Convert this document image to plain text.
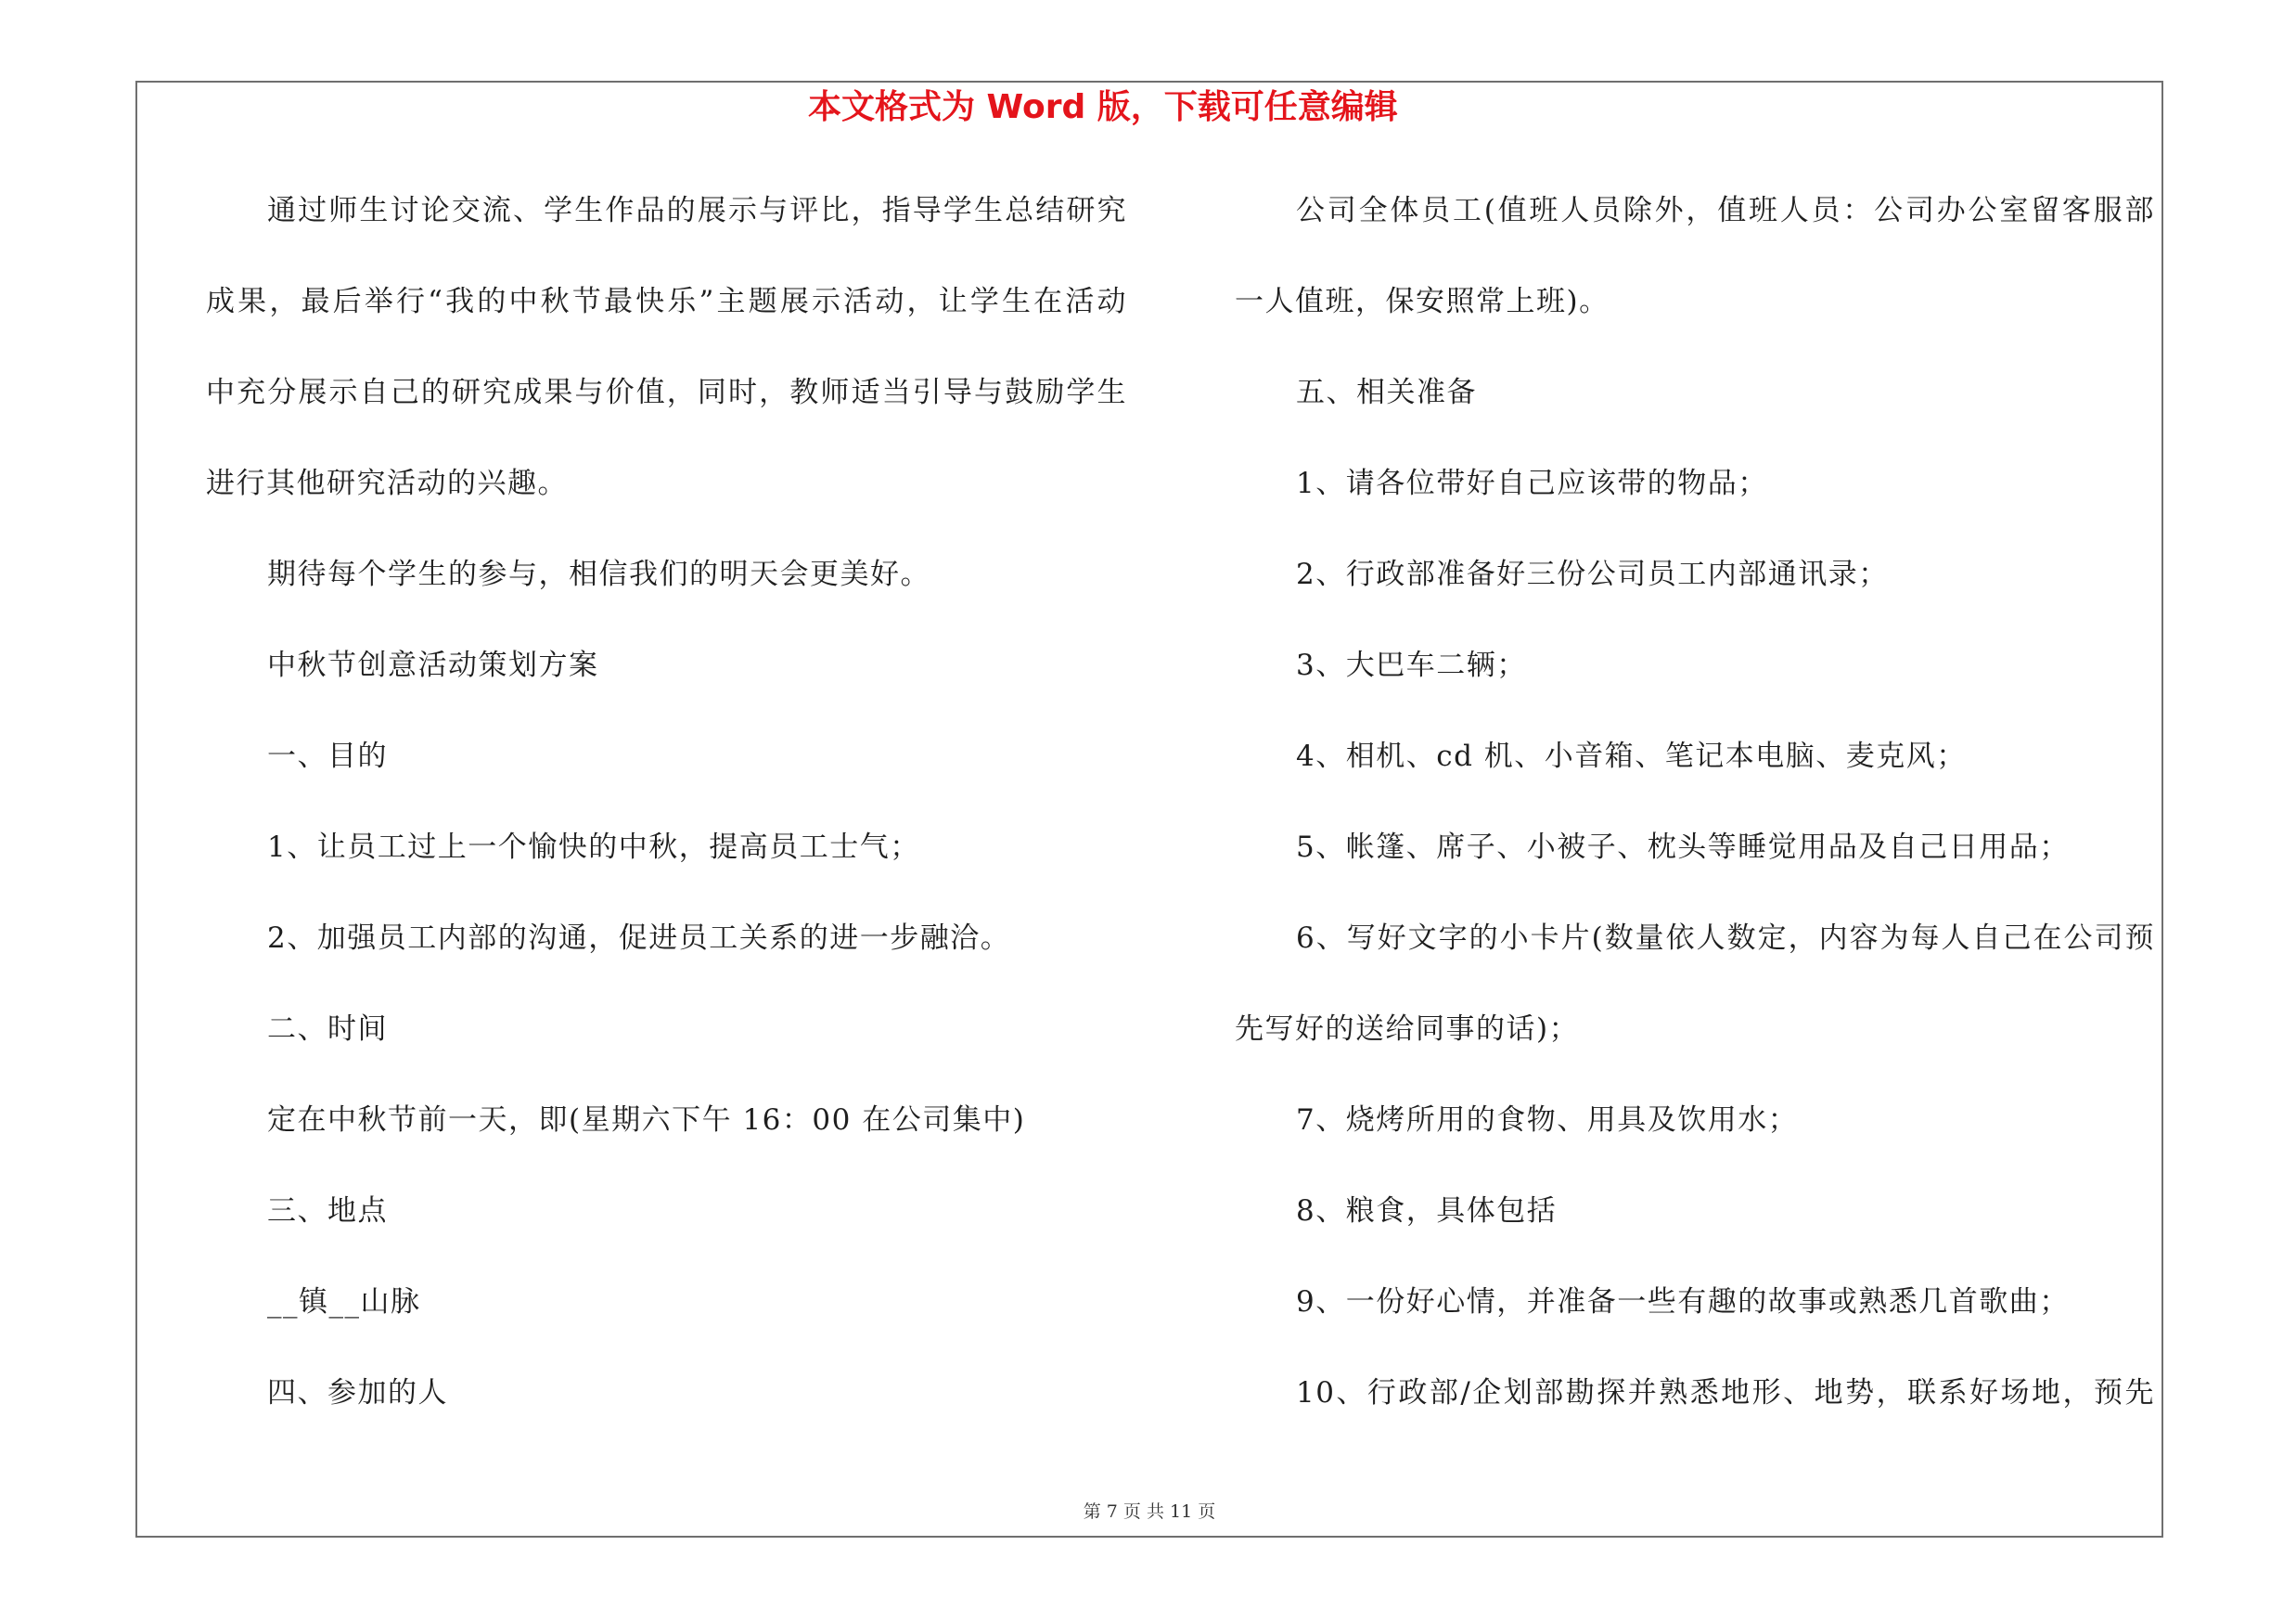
本文格式为 Word 版，下载可任意编辑
通过师生讨论交流、学生作品的展示与评比，指导学生总结研究
成果，最后举行“我的中秋节最快乐”主题展示活动，让学生在活动
中充分展示自己的研究成果与价值，同时，教师适当引导与鼓励学生
进行其他研究活动的兴趣。
期待每个学生的参与，相信我们的明天会更美好。
中秋节创意活动策划方案
一、目的
1、让员工过上一个愉快的中秋，提高员工士气；
2、加强员工内部的沟通，促进员工关系的进一步融洽。
二、时间
定在中秋节前一天，即(星期六下午 16：00 在公司集中)
三、地点
__镇__山脉
四、参加的人
公司全体员工(值班人员除外，值班人员：公司办公室留客服部
一人值班，保安照常上班)。
五、相关准备
1、请各位带好自己应该带的物品；
2、行政部准备好三份公司员工内部通讯录；
3、大巴车二辆；
4、相机、cd 机、小音箱、笔记本电脑、麦克风；
5、帐篷、席子、小被子、枕头等睡觉用品及自己日用品；
6、写好文字的小卡片(数量依人数定，内容为每人自己在公司预
先写好的送给同事的话)；
7、烧烤所用的食物、用具及饮用水；
8、粮食，具体包括
9、一份好心情，并准备一些有趣的故事或熟悉几首歌曲；
10、行政部/企划部勘探并熟悉地形、地势，联系好场地，预先
第 7 页 共 11 页
